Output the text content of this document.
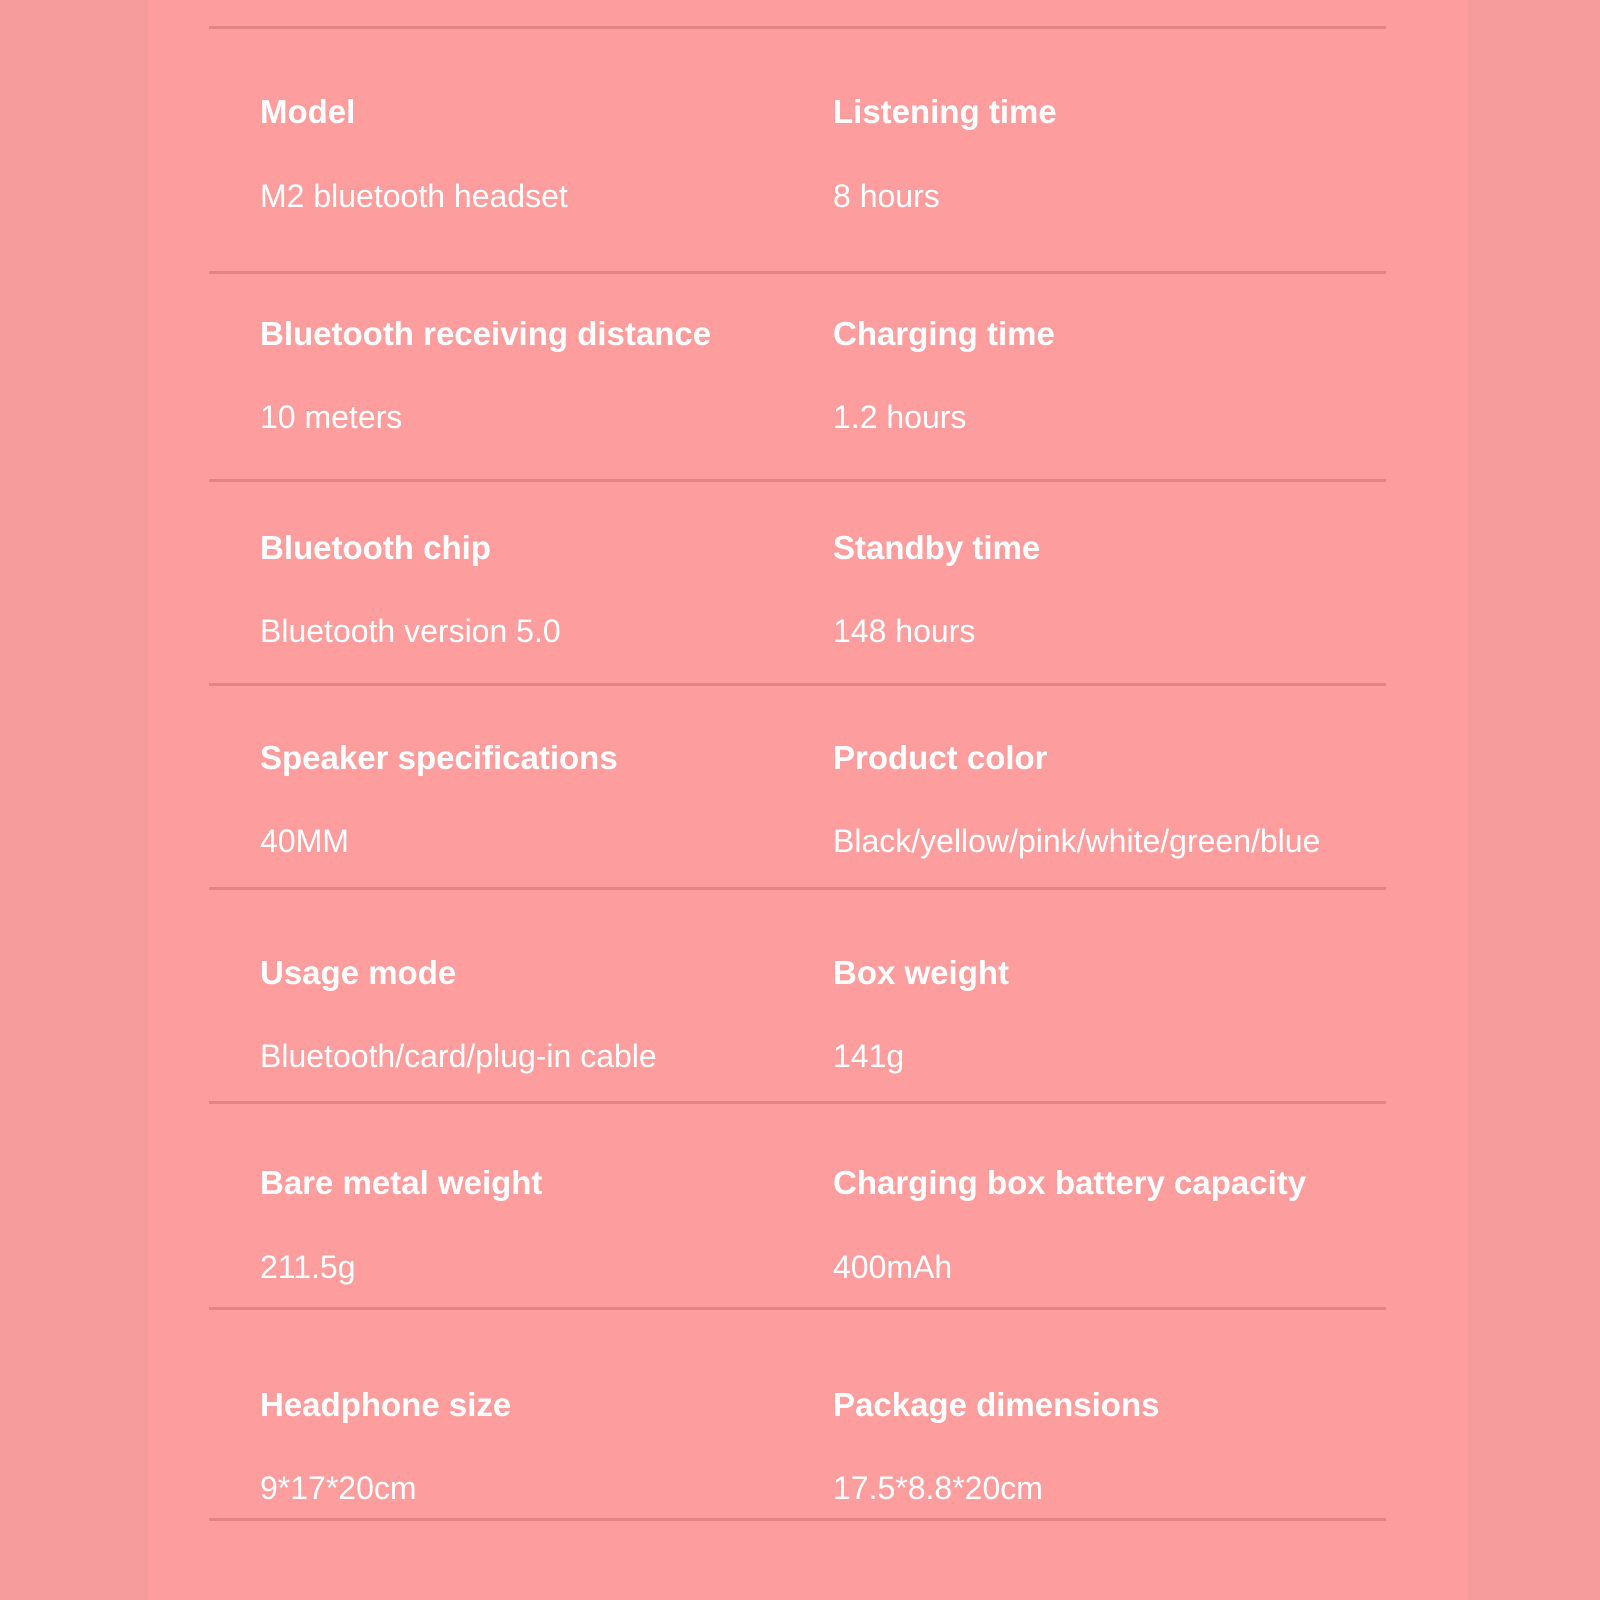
Model
M2 bluetooth headset
Listening time
8 hours
Bluetooth receiving distance
10 meters
Charging time
1.2 hours
Bluetooth chip
Bluetooth version 5.0
Standby time
148 hours
Speaker specifications
40MM
Product color
Black/yellow/pink/white/green/blue
Usage mode
Bluetooth/card/plug-in cable
Box weight
141g
Bare metal weight
211.5g
Charging box battery capacity
400mAh
Headphone size
9*17*20cm
Package dimensions
17.5*8.8*20cm
